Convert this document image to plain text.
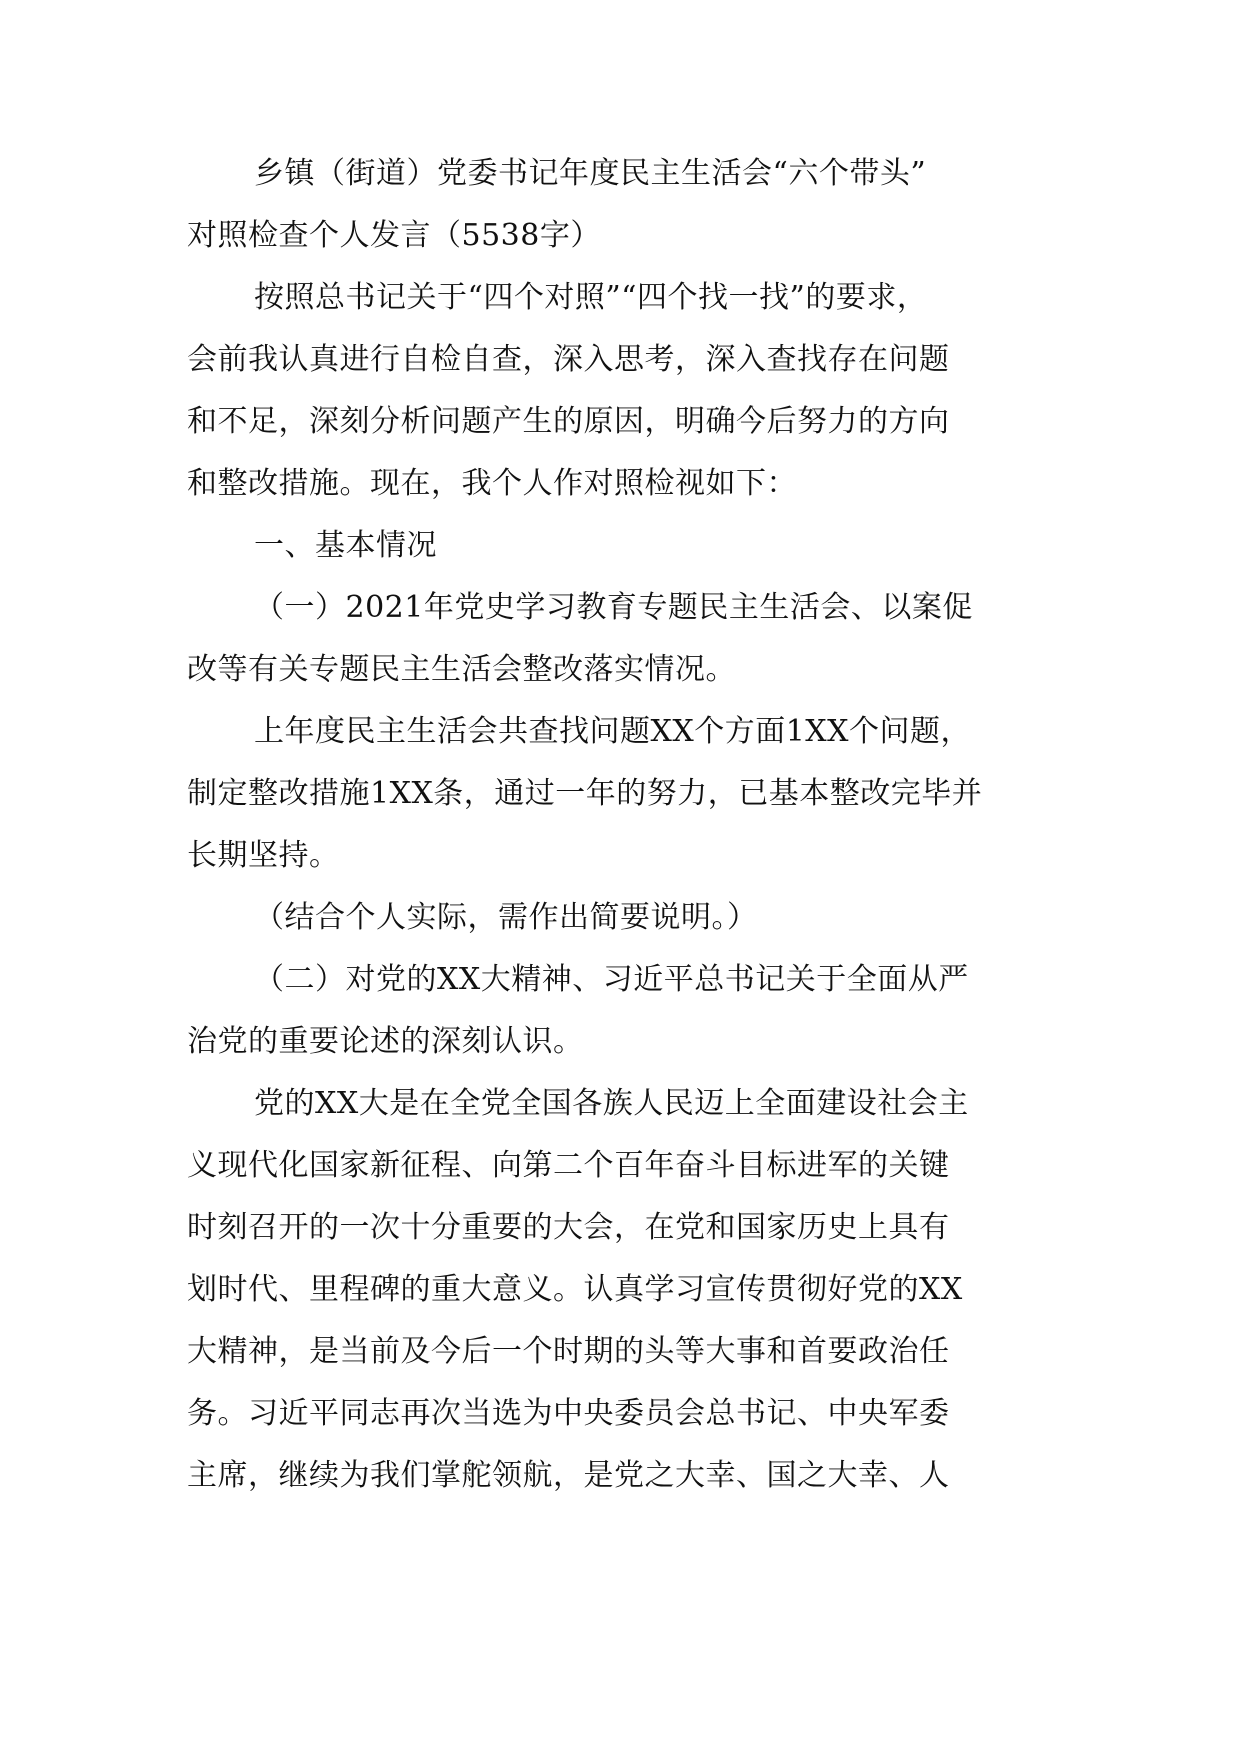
乡镇（街道）党委书记年度民主生活会“六个带头”
对照检查个人发言（5538字）
按照总书记关于“四个对照”“四个找一找”的要求，
会前我认真进行自检自查，深入思考，深入查找存在问题
和不足，深刻分析问题产生的原因，明确今后努力的方向
和整改措施。现在，我个人作对照检视如下：
一、基本情况
（一）2021年党史学习教育专题民主生活会、以案促
改等有关专题民主生活会整改落实情况。
上年度民主生活会共查找问题XX个方面1XX个问题，
制定整改措施1XX条，通过一年的努力，已基本整改完毕并
长期坚持。
（结合个人实际，需作出简要说明。）
（二）对党的XX大精神、习近平总书记关于全面从严
治党的重要论述的深刻认识。
党的XX大是在全党全国各族人民迈上全面建设社会主
义现代化国家新征程、向第二个百年奋斗目标进军的关键
时刻召开的一次十分重要的大会，在党和国家历史上具有
划时代、里程碑的重大意义。认真学习宣传贯彻好党的XX
大精神，是当前及今后一个时期的头等大事和首要政治任
务。习近平同志再次当选为中央委员会总书记、中央军委
主席，继续为我们掌舵领航，是党之大幸、国之大幸、人
